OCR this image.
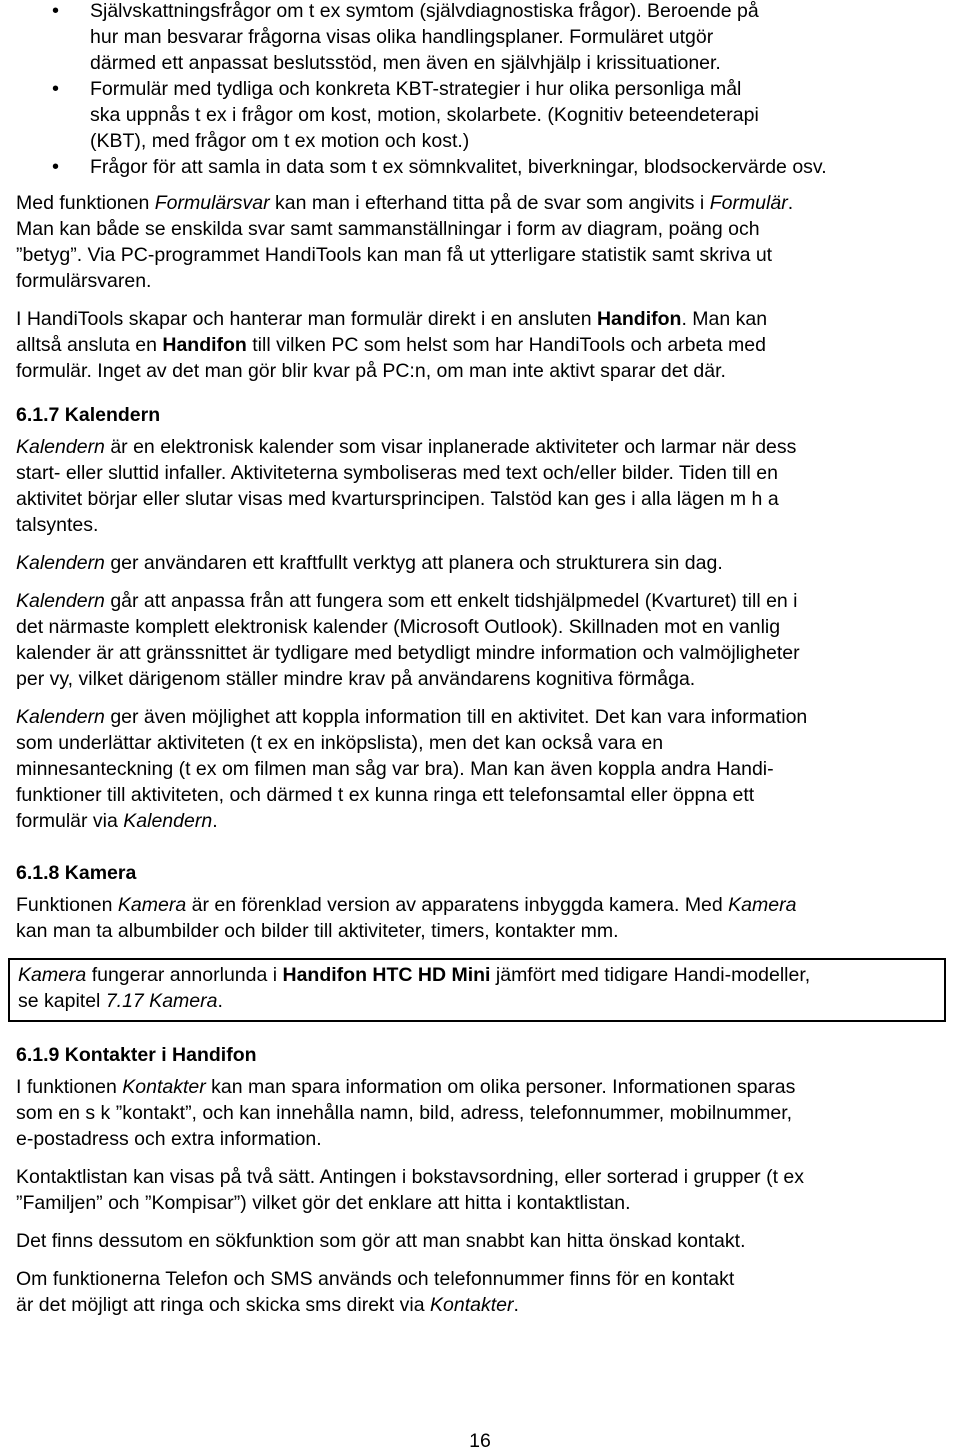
• Självskattningsfrågor om t ex symtom (självdiagnostiska frågor). Beroende på
hur man besvarar frågorna visas olika handlingsplaner. Formuläret utgör
därmed ett anpassat beslutsstöd, men även en självhjälp i krissituationer.
• Formulär med tydliga och konkreta KBT-strategier i hur olika personliga mål
ska uppnås t ex i frågor om kost, motion, skolarbete. (Kognitiv beteendeterapi
(KBT), med frågor om t ex motion och kost.)
• Frågor för att samla in data som t ex sömnkvalitet, biverkningar, blodsockervärde osv.

Med funktionen Formulärsvar kan man i efterhand titta på de svar som angivits i Formulär.
Man kan både se enskilda svar samt sammanställningar i form av diagram, poäng och
”betyg”. Via PC-programmet HandiTools kan man få ut ytterligare statistik samt skriva ut
formulärsvaren.

I HandiTools skapar och hanterar man formulär direkt i en ansluten Handifon. Man kan
alltså ansluta en Handifon till vilken PC som helst som har HandiTools och arbeta med
formulär. Inget av det man gör blir kvar på PC:n, om man inte aktivt sparar det där.

6.1.7 Kalendern

Kalendern är en elektronisk kalender som visar inplanerade aktiviteter och larmar när dess
start- eller sluttid infaller. Aktiviteterna symboliseras med text och/eller bilder. Tiden till en
aktivitet börjar eller slutar visas med kvartursprincipen. Talstöd kan ges i alla lägen m h a
talsyntes.

Kalendern ger användaren ett kraftfullt verktyg att planera och strukturera sin dag.

Kalendern går att anpassa från att fungera som ett enkelt tidshjälpmedel (Kvarturet) till en i
det närmaste komplett elektronisk kalender (Microsoft Outlook). Skillnaden mot en vanlig
kalender är att gränssnittet är tydligare med betydligt mindre information och valmöjligheter
per vy, vilket därigenom ställer mindre krav på användarens kognitiva förmåga.

Kalendern ger även möjlighet att koppla information till en aktivitet. Det kan vara information
som underlättar aktiviteten (t ex en inköpslista), men det kan också vara en
minnesanteckning (t ex om filmen man såg var bra). Man kan även koppla andra Handi-
funktioner till aktiviteten, och därmed t ex kunna ringa ett telefonsamtal eller öppna ett
formulär via Kalendern.

6.1.8 Kamera

Funktionen Kamera är en förenklad version av apparatens inbyggda kamera. Med Kamera
kan man ta albumbilder och bilder till aktiviteter, timers, kontakter mm.

Kamera fungerar annorlunda i Handifon HTC HD Mini jämfört med tidigare Handi-modeller,
se kapitel 7.17 Kamera.
6.1.9 Kontakter i Handifon

I funktionen Kontakter kan man spara information om olika personer. Informationen sparas
som en s k ”kontakt”, och kan innehålla namn, bild, adress, telefonnummer, mobilnummer,
e-postadress och extra information.

Kontaktlistan kan visas på två sätt. Antingen i bokstavsordning, eller sorterad i grupper (t ex
”Familjen” och ”Kompisar”) vilket gör det enklare att hitta i kontaktlistan.

Det finns dessutom en sökfunktion som gör att man snabbt kan hitta önskad kontakt.

Om funktionerna Telefon och SMS används och telefonnummer finns för en kontakt
är det möjligt att ringa och skicka sms direkt via Kontakter.

16
